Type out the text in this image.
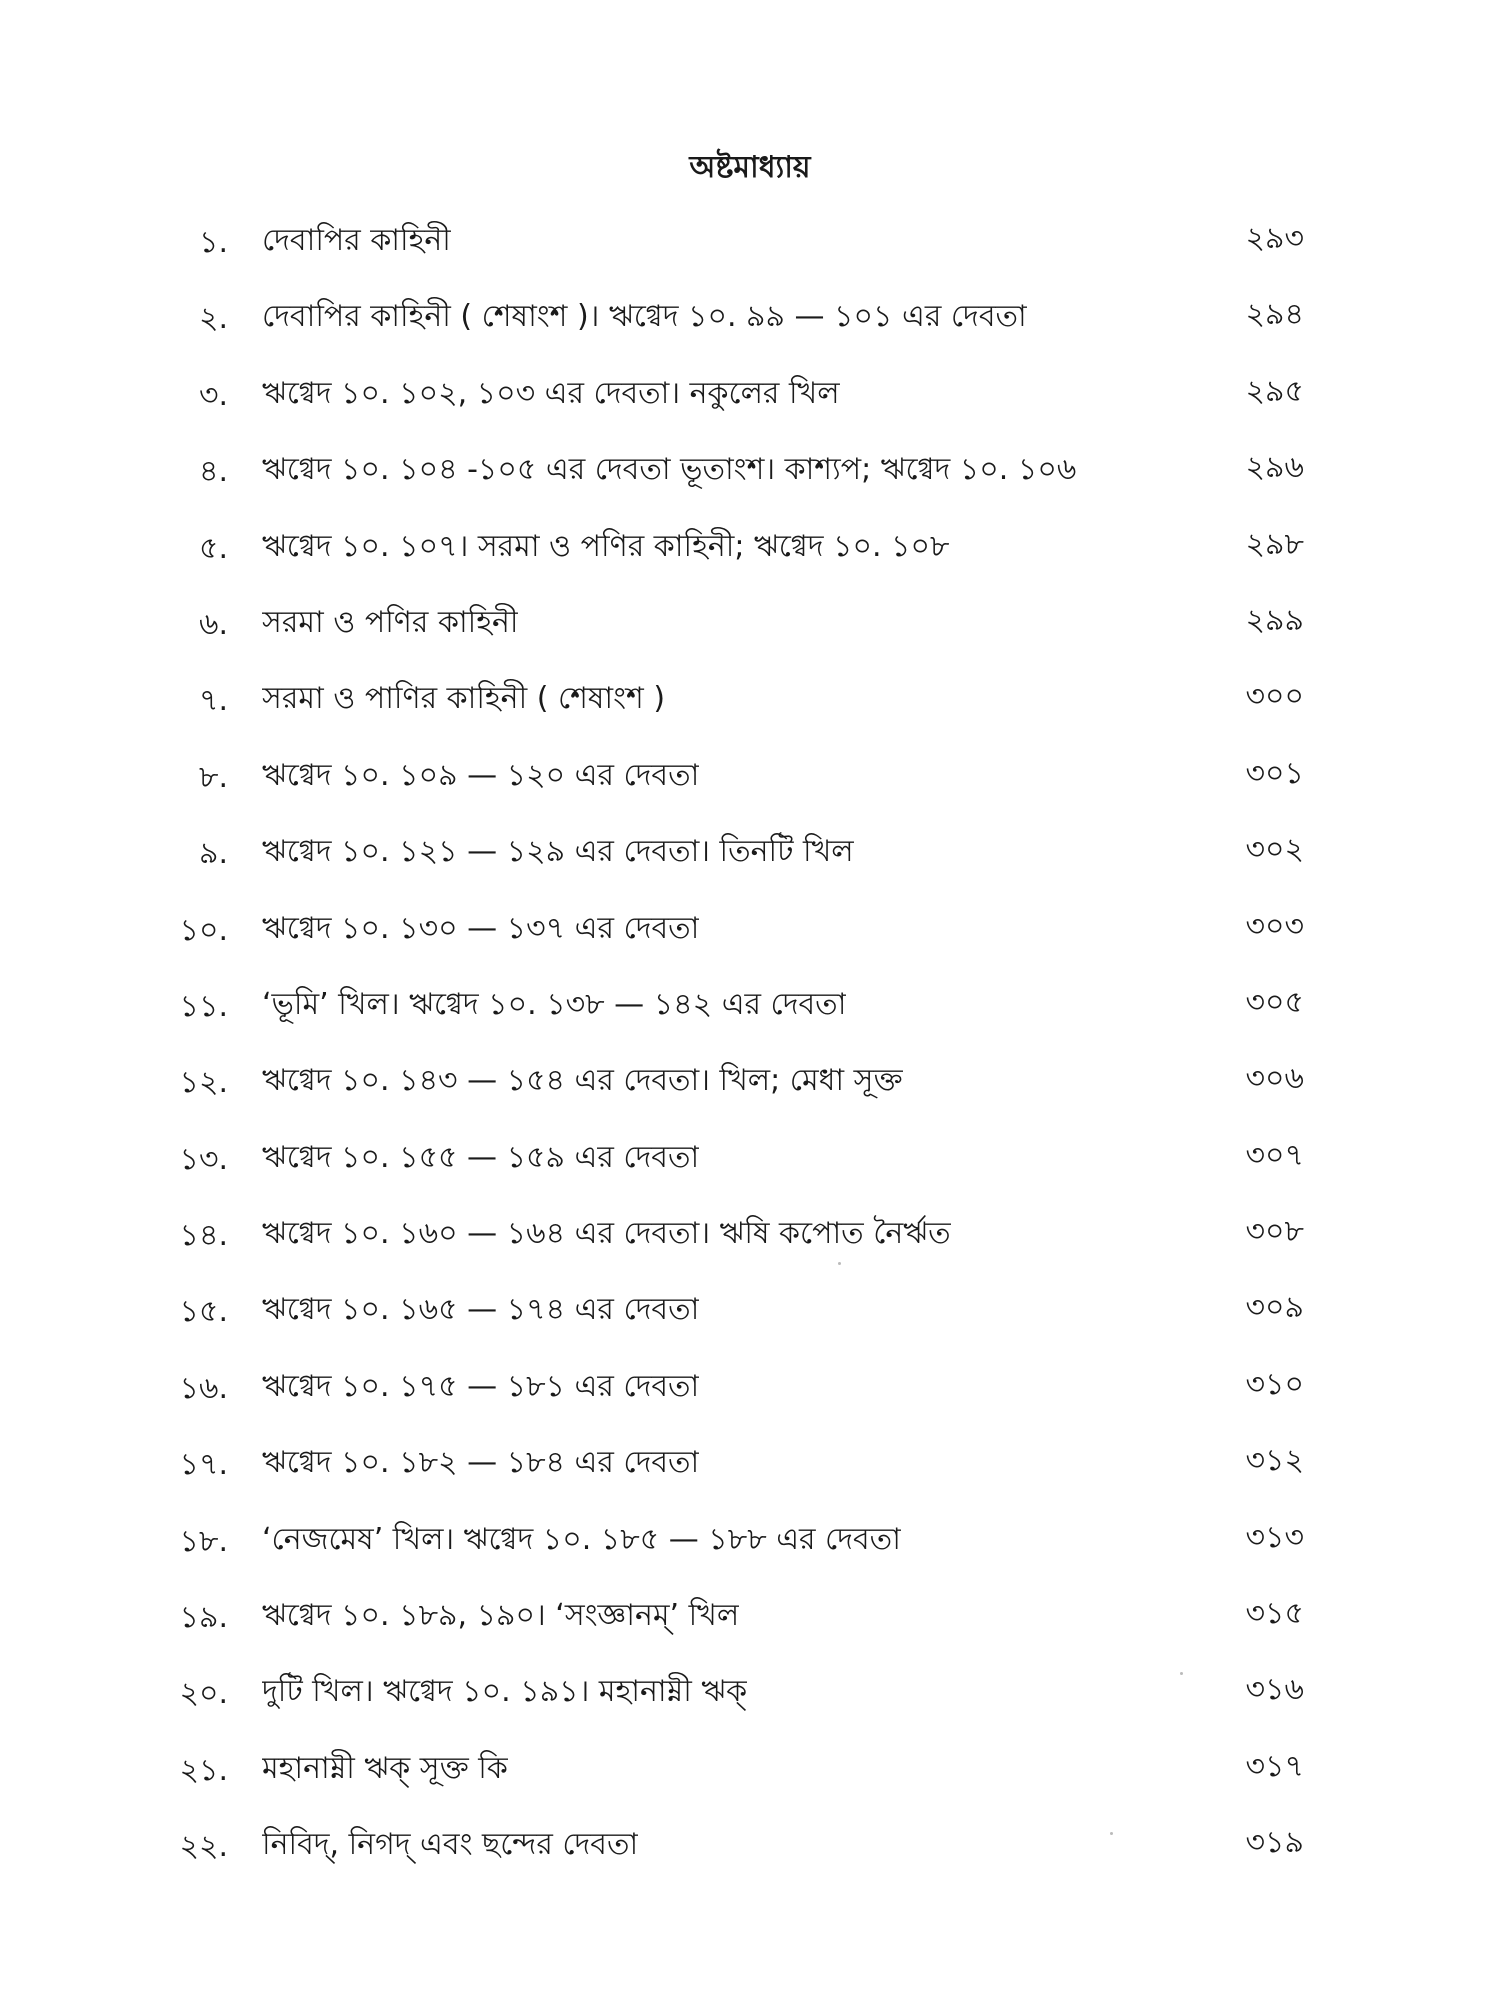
অষ্টমাধ্যায়
১. দেবাপির কাহিনী	২৯৩
২. দেবাপির কাহিনী ( শেষাংশ )। ঋগ্বেদ ১০. ৯৯ — ১০১ এর দেবতা	২৯৪
৩. ঋগ্বেদ ১০. ১০২, ১০৩ এর দেবতা। নকুলের খিল	২৯৫
৪. ঋগ্বেদ ১০. ১০৪ -১০৫ এর দেবতা ভূতাংশ। কাশ্যপ; ঋগ্বেদ ১০. ১০৬	২৯৬
৫. ঋগ্বেদ ১০. ১০৭। সরমা ও পণির কাহিনী; ঋগ্বেদ ১০. ১০৮	২৯৮
৬. সরমা ও পণির কাহিনী	২৯৯
৭. সরমা ও পাণির কাহিনী ( শেষাংশ )	৩০০
৮. ঋগ্বেদ ১০. ১০৯ — ১২০ এর দেবতা	৩০১
৯. ঋগ্বেদ ১০. ১২১ — ১২৯ এর দেবতা। তিনটি খিল	৩০২
১০. ঋগ্বেদ ১০. ১৩০ — ১৩৭ এর দেবতা	৩০৩
১১. ‘ভূমি’ খিল। ঋগ্বেদ ১০. ১৩৮ — ১৪২ এর দেবতা	৩০৫
১২. ঋগ্বেদ ১০. ১৪৩ — ১৫৪ এর দেবতা। খিল; মেধা সূক্ত	৩০৬
১৩. ঋগ্বেদ ১০. ১৫৫ — ১৫৯ এর দেবতা	৩০৭
১৪. ঋগ্বেদ ১০. ১৬০ — ১৬৪ এর দেবতা। ঋষি কপোত নৈর্ঋত	৩০৮
১৫. ঋগ্বেদ ১০. ১৬৫ — ১৭৪ এর দেবতা	৩০৯
১৬. ঋগ্বেদ ১০. ১৭৫ — ১৮১ এর দেবতা	৩১০
১৭. ঋগ্বেদ ১০. ১৮২ — ১৮৪ এর দেবতা	৩১২
১৮. ‘নেজমেষ’ খিল। ঋগ্বেদ ১০. ১৮৫ — ১৮৮ এর দেবতা	৩১৩
১৯. ঋগ্বেদ ১০. ১৮৯, ১৯০। ‘সংজ্ঞানম্’ খিল	৩১৫
২০. দুটি খিল। ঋগ্বেদ ১০. ১৯১। মহানাম্নী ঋক্	৩১৬
২১. মহানাম্নী ঋক্ সূক্ত কি	৩১৭
২২. নিবিদ্, নিগদ্ এবং ছন্দের দেবতা	৩১৯
